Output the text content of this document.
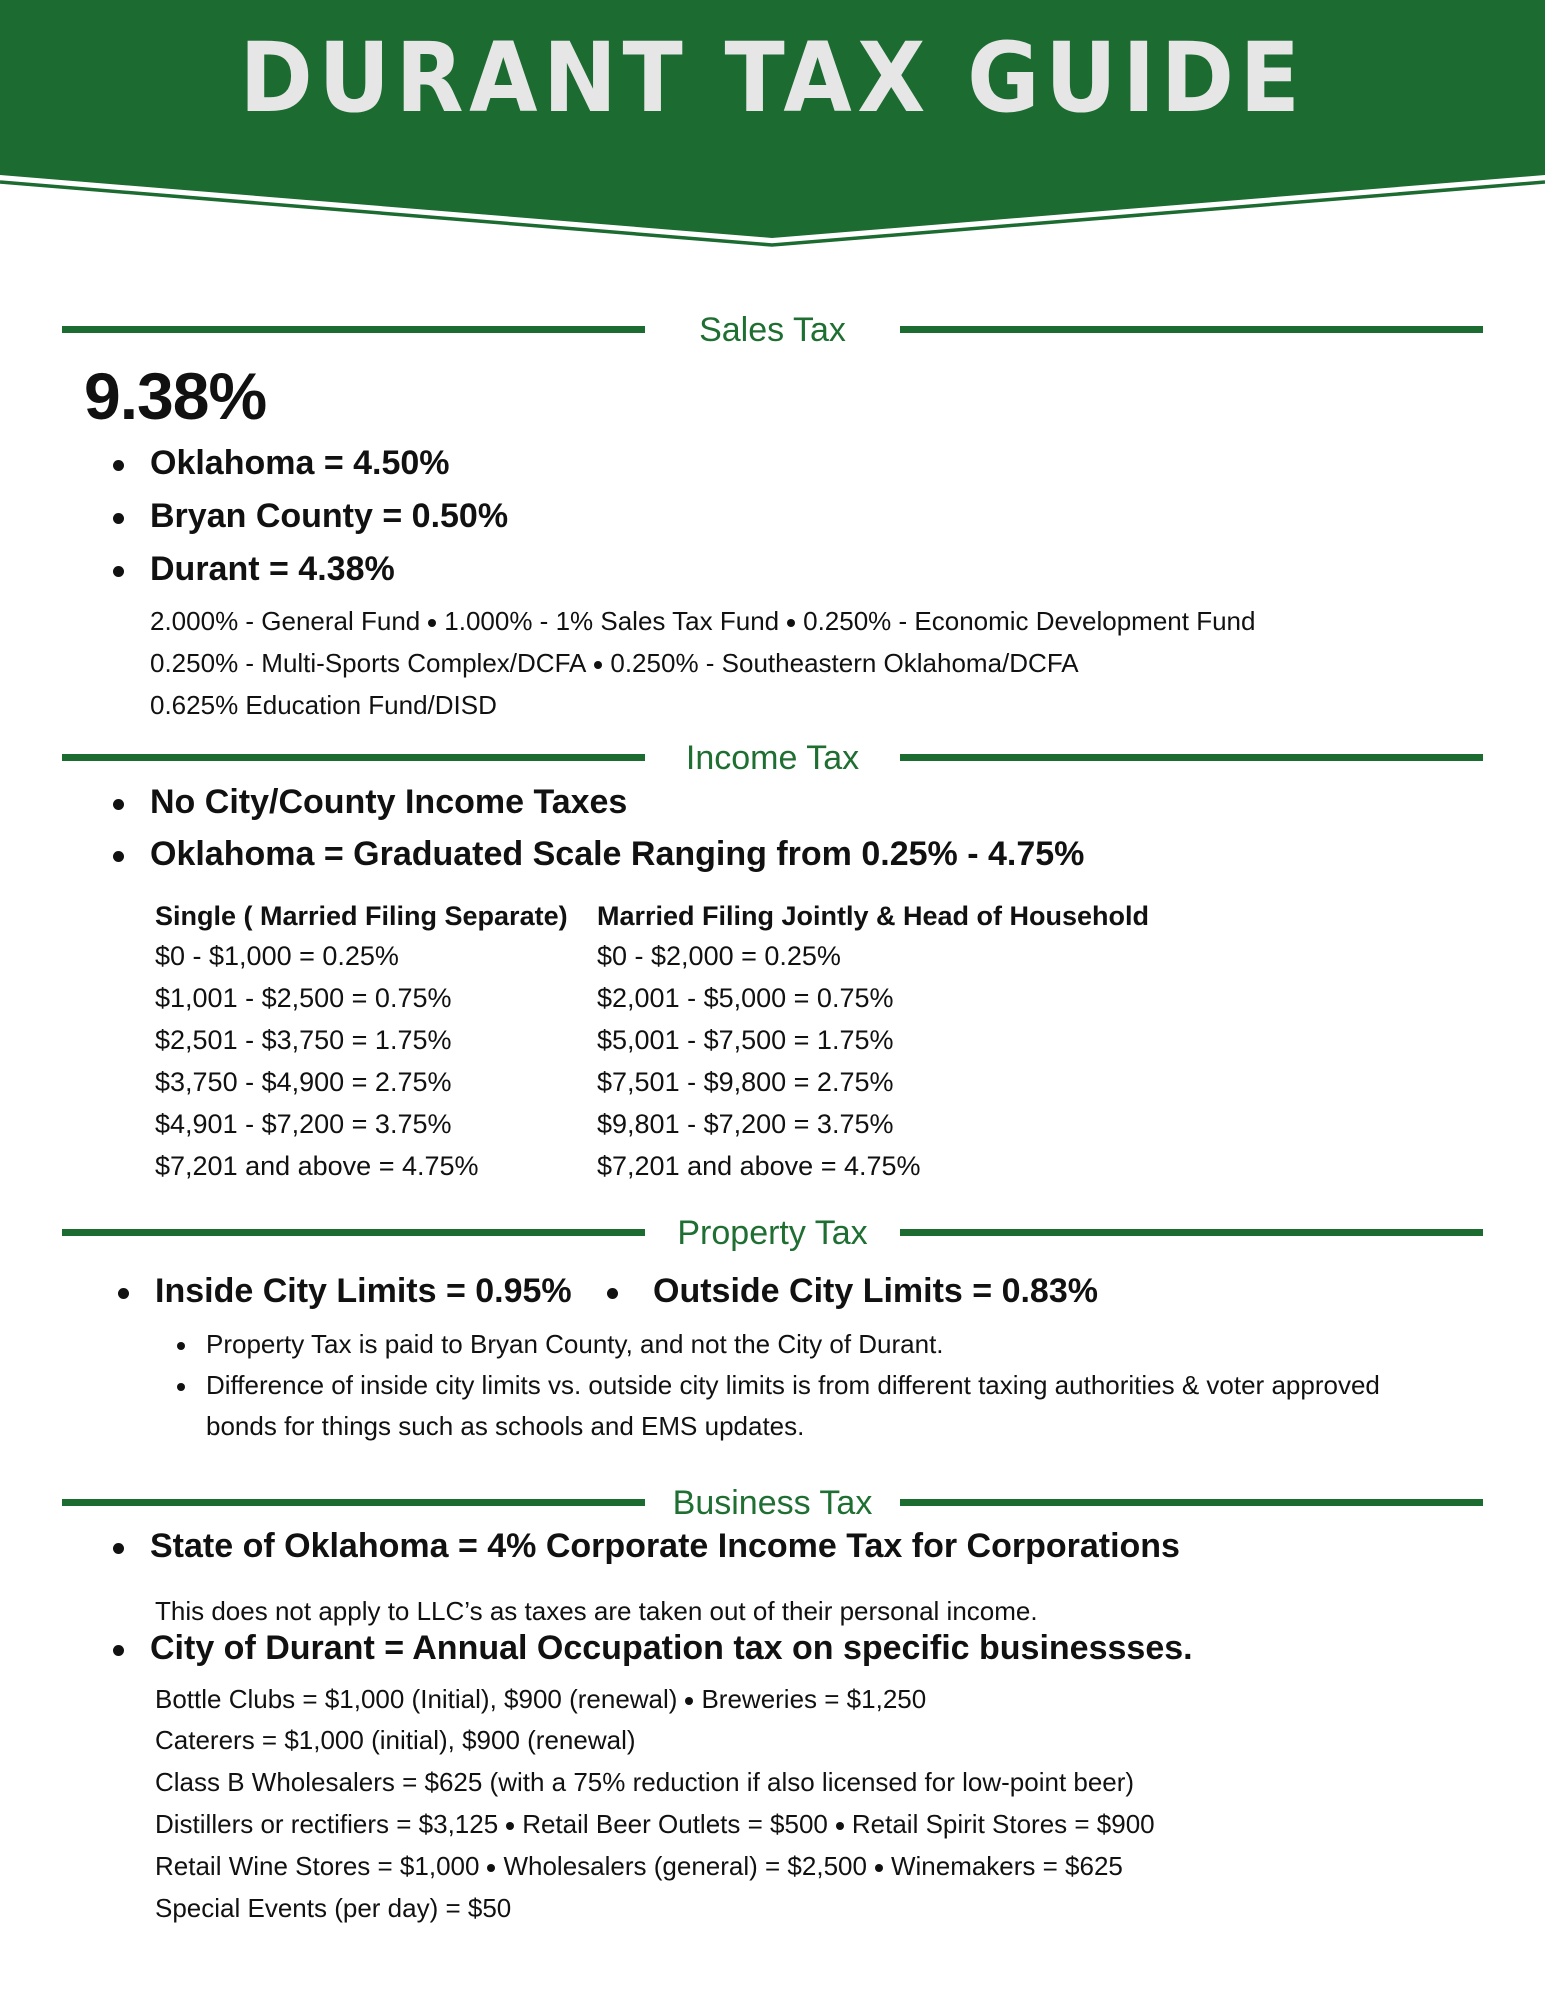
DURANT TAX GUIDE
Sales Tax
9.38%
Oklahoma = 4.50%
Bryan County = 0.50%
Durant = 4.38%
2.000% - General Fund 1.000% - 1% Sales Tax Fund 0.250% - Economic Development Fund
0.250% - Multi-Sports Complex/DCFA 0.250% - Southeastern Oklahoma/DCFA
0.625% Education Fund/DISD
Income Tax
No City/County Income Taxes
Oklahoma = Graduated Scale Ranging from 0.25% - 4.75%
Single ( Married Filing Separate) Married Filing Jointly & Head of Household
$0 - $1,000 = 0.25%
$1,001 - $2,500 = 0.75%
$2,501 - $3,750 = 1.75%
$3,750 - $4,900 = 2.75%
$4,901 - $7,200 = 3.75%
$7,201 and above = 4.75%
$0 - $2,000 = 0.25%
$2,001 - $5,000 = 0.75%
$5,001 - $7,500 = 1.75%
$7,501 - $9,800 = 2.75%
$9,801 - $7,200 = 3.75%
$7,201 and above = 4.75%
Property Tax
Inside City Limits = 0.95% Outside City Limits = 0.83%
Property Tax is paid to Bryan County, and not the City of Durant.
Difference of inside city limits vs. outside city limits is from different taxing authorities & voter approved
bonds for things such as schools and EMS updates.
Business Tax
State of Oklahoma = 4% Corporate Income Tax for Corporations
This does not apply to LLC’s as taxes are taken out of their personal income.
City of Durant = Annual Occupation tax on specific businessses.
Bottle Clubs = $1,000 (Initial), $900 (renewal) Breweries = $1,250
Caterers = $1,000 (initial), $900 (renewal)
Class B Wholesalers = $625 (with a 75% reduction if also licensed for low-point beer)
Distillers or rectifiers = $3,125 Retail Beer Outlets = $500 Retail Spirit Stores = $900
Retail Wine Stores = $1,000 Wholesalers (general) = $2,500 Winemakers = $625
Special Events (per day) = $50
